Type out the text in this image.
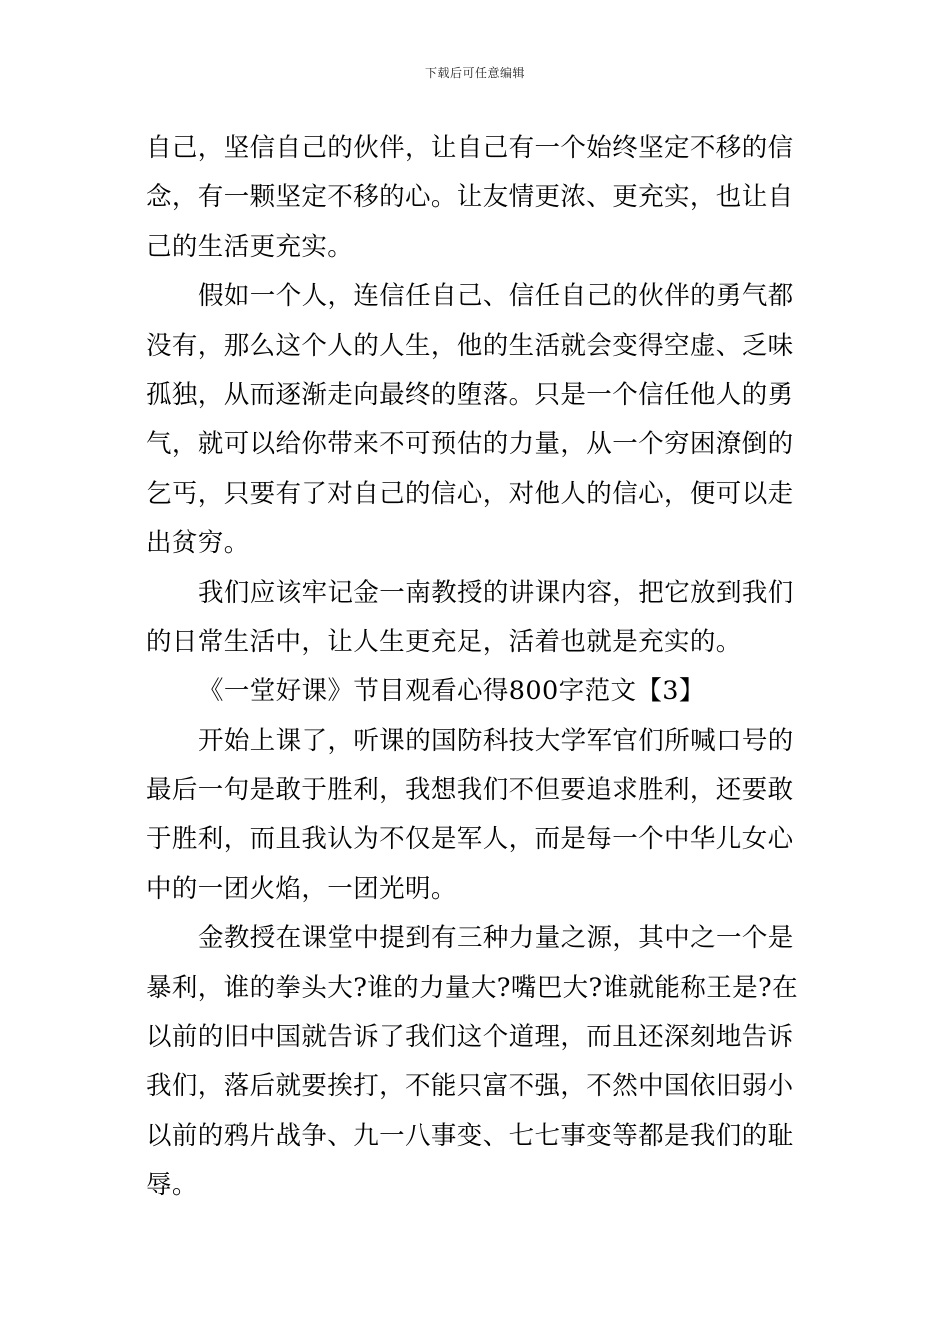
下载后可任意编辑
自己，坚信自己的伙伴，让自己有一个始终坚定不移的信
念，有一颗坚定不移的心。让友情更浓、更充实，也让自
己的生活更充实。
假如一个人，连信任自己、信任自己的伙伴的勇气都
没有，那么这个人的人生，他的生活就会变得空虚、乏味
孤独，从而逐渐走向最终的堕落。只是一个信任他人的勇
气，就可以给你带来不可预估的力量，从一个穷困潦倒的
乞丐，只要有了对自己的信心，对他人的信心，便可以走
出贫穷。
我们应该牢记金一南教授的讲课内容，把它放到我们
的日常生活中，让人生更充足，活着也就是充实的。
《一堂好课》节目观看心得800字范文【3】
开始上课了，听课的国防科技大学军官们所喊口号的
最后一句是敢于胜利，我想我们不但要追求胜利，还要敢
于胜利，而且我认为不仅是军人，而是每一个中华儿女心
中的一团火焰，一团光明。
金教授在课堂中提到有三种力量之源，其中之一个是
暴利，谁的拳头大?谁的力量大?嘴巴大?谁就能称王是?在
以前的旧中国就告诉了我们这个道理，而且还深刻地告诉
我们，落后就要挨打，不能只富不强，不然中国依旧弱小
以前的鸦片战争、九一八事变、七七事变等都是我们的耻
辱。
